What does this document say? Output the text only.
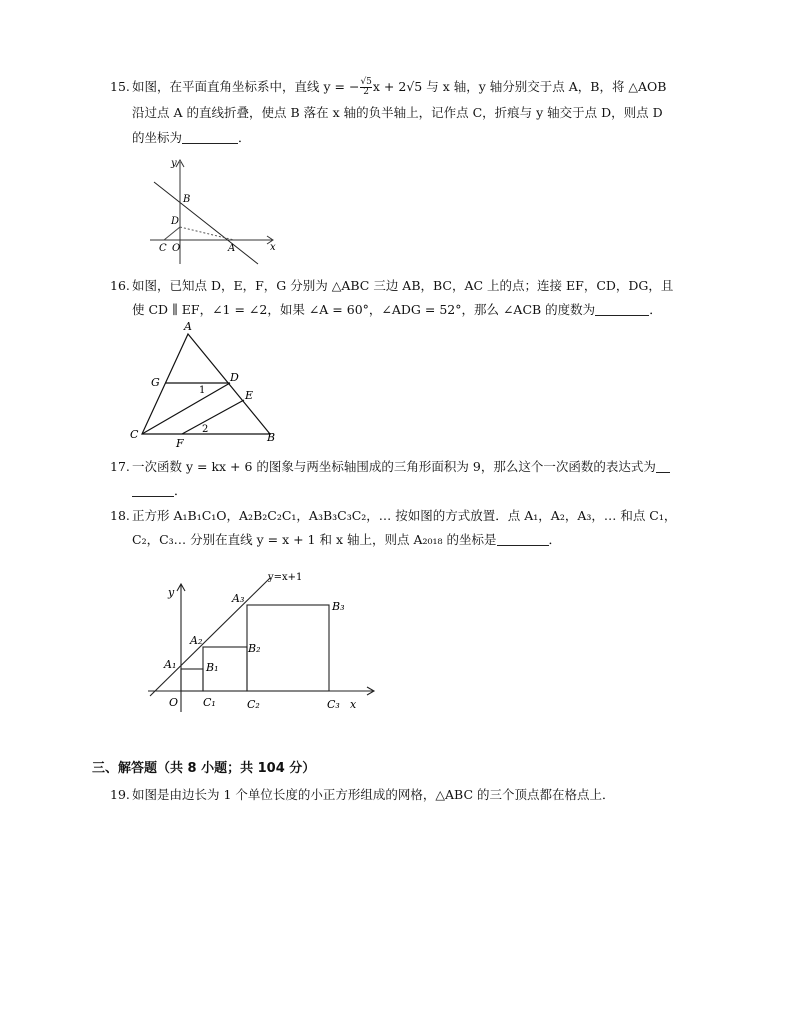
15. 如图，在平面直角坐标系中，直线 y = − $\frac{√5}{2}$ x + 2√5 与 x 轴，y 轴分别交于点 A，B，将 △AOB
沿过点 A 的直线折叠，使点 B 落在 x 轴的负半轴上，记作点 C，折痕与 y 轴交于点 D，则点 D
的坐标为	．
y
x
B
D
C O	A
16. 如图，已知点 D，E，F，G 分别为 △ABC 三边 AB，BC，AC 上的点；连接 EF，CD，DG，且
使 CD ∥ EF，∠1 = ∠2，如果 ∠A = 60°，∠ADG = 52°，那么 ∠ACB 的度数为	．
A
G	D
1	E
C
F
2
B
17. 一次函数 y = kx + 6 的图象与两坐标轴围成的三角形面积为 9，那么这个一次函数的表达式为
．
18. 正方形 A₁B₁C₁O，A₂B₂C₂C₁，A₃B₃C₃C₂，… 按如图的方式放置．点 A₁，A₂，A₃，… 和点 C₁，
C₂，C₃… 分别在直线 y = x + 1 和 x 轴上，则点 A₂₀₁₈ 的坐标是	．
y=x+1
y
x
O
A₁
A₂
A₃
B₁
B₂
B₃
C₁	C₂	C₃
三、解答题（共 8 小题；共 104 分）
19. 如图是由边长为 1 个单位长度的小正方形组成的网格，△ABC 的三个顶点都在格点上．
